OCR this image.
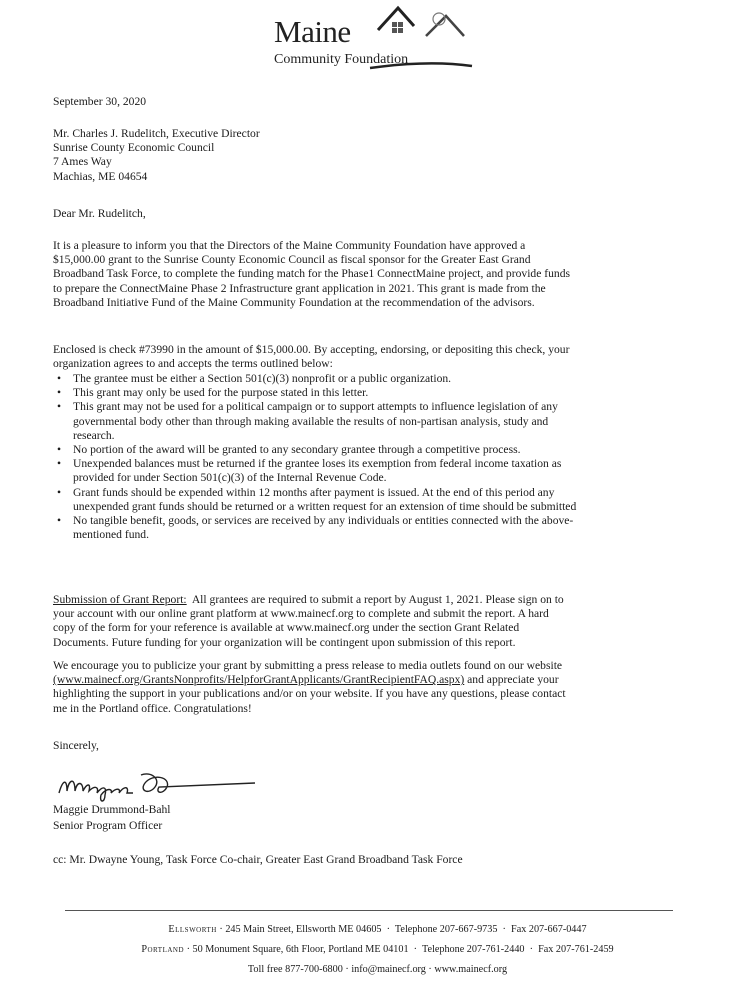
Maine
Community Foundation
September 30, 2020
Mr. Charles J. Rudelitch, Executive Director
Sunrise County Economic Council
7 Ames Way
Machias, ME 04654
Dear Mr. Rudelitch,
It is a pleasure to inform you that the Directors of the Maine Community Foundation have approved a
$15,000.00 grant to the Sunrise County Economic Council as fiscal sponsor for the Greater East Grand
Broadband Task Force, to complete the funding match for the Phase1 ConnectMaine project, and provide funds
to prepare the ConnectMaine Phase 2 Infrastructure grant application in 2021. This grant is made from the
Broadband Initiative Fund of the Maine Community Foundation at the recommendation of the advisors.
Enclosed is check #73990 in the amount of $15,000.00. By accepting, endorsing, or depositing this check, your
organization agrees to and accepts the terms outlined below:
• The grantee must be either a Section 501(c)(3) nonprofit or a public organization.
• This grant may only be used for the purpose stated in this letter.
• This grant may not be used for a political campaign or to support attempts to influence legislation of any
governmental body other than through making available the results of non-partisan analysis, study and
research.
• No portion of the award will be granted to any secondary grantee through a competitive process.
• Unexpended balances must be returned if the grantee loses its exemption from federal income taxation as
provided for under Section 501(c)(3) of the Internal Revenue Code.
• Grant funds should be expended within 12 months after payment is issued. At the end of this period any
unexpended grant funds should be returned or a written request for an extension of time should be submitted
• No tangible benefit, goods, or services are received by any individuals or entities connected with the above-
mentioned fund.
Submission of Grant Report:  All grantees are required to submit a report by August 1, 2021. Please sign on to
your account with our online grant platform at www.mainecf.org to complete and submit the report. A hard
copy of the form for your reference is available at www.mainecf.org under the section Grant Related
Documents. Future funding for your organization will be contingent upon submission of this report.
We encourage you to publicize your grant by submitting a press release to media outlets found on our website
(www.mainecf.org/GrantsNonprofits/HelpforGrantApplicants/GrantRecipientFAQ.aspx) and appreciate your
highlighting the support in your publications and/or on your website. If you have any questions, please contact
me in the Portland office. Congratulations!
Sincerely,
Maggie Drummond-Bahl
Senior Program Officer
cc: Mr. Dwayne Young, Task Force Co-chair, Greater East Grand Broadband Task Force
Ellsworth · 245 Main Street, Ellsworth ME 04605  ·  Telephone 207-667-9735  ·  Fax 207-667-0447
Portland · 50 Monument Square, 6th Floor, Portland ME 04101  ·  Telephone 207-761-2440  ·  Fax 207-761-2459
Toll free 877-700-6800 · info@mainecf.org · www.mainecf.org
